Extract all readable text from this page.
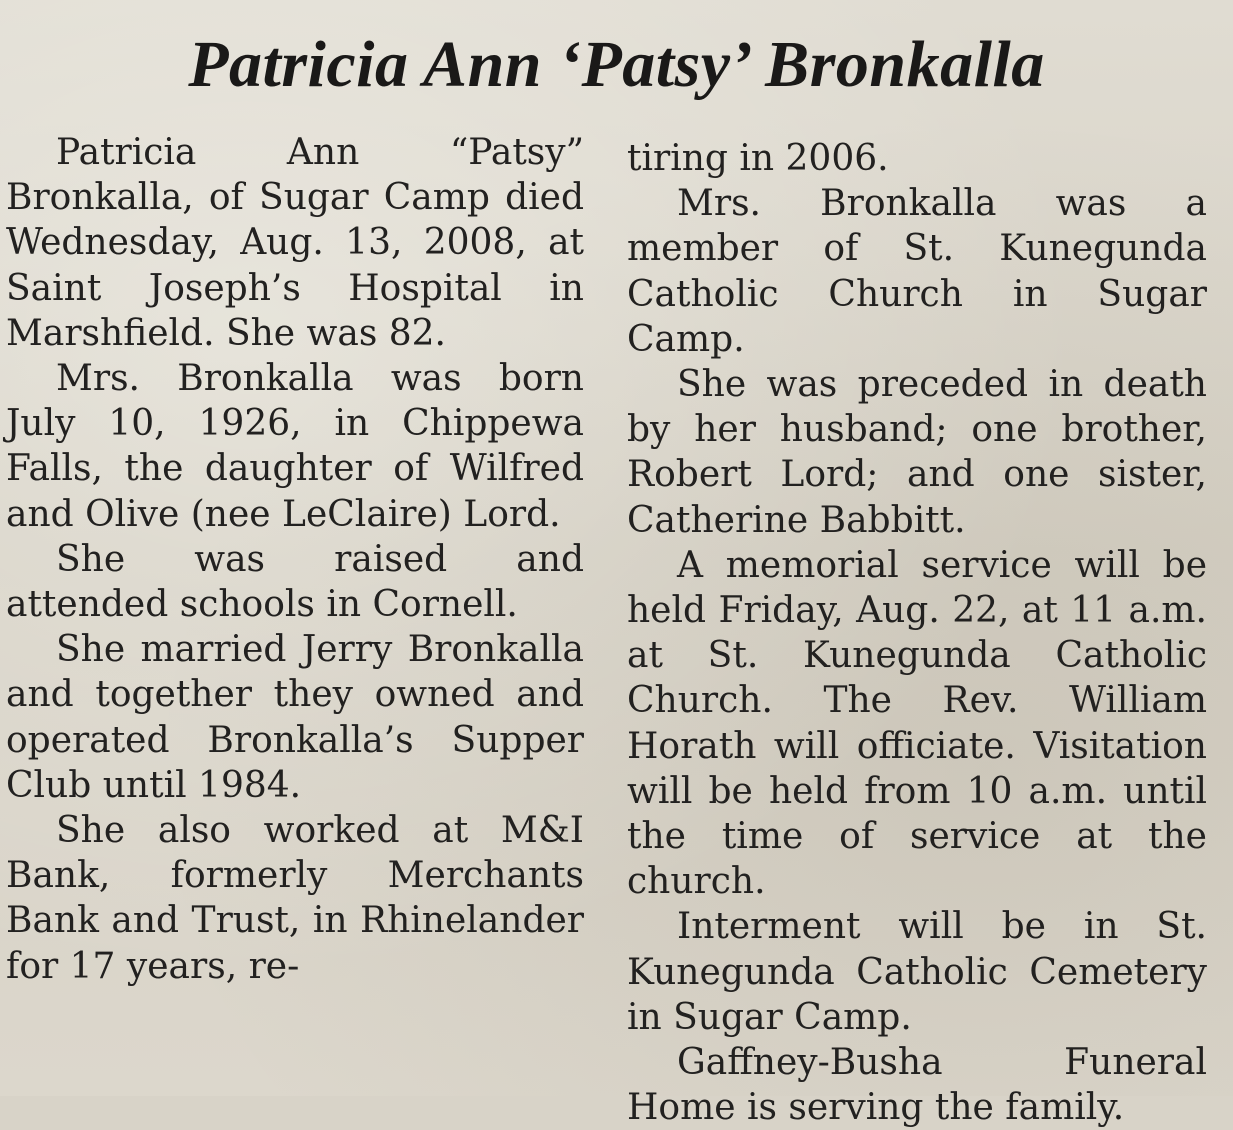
Patricia Ann ‘Patsy’ Bronkalla

Patricia Ann “Patsy” Bronkalla, of Sugar Camp died Wednesday, Aug. 13, 2008, at Saint Joseph’s Hospital in Marshfield. She was 82.

Mrs. Bronkalla was born July 10, 1926, in Chippewa Falls, the daughter of Wilfred and Olive (nee LeClaire) Lord.

She was raised and attended schools in Cornell.

She married Jerry Bronkalla and together they owned and operated Bronkalla’s Supper Club until 1984.

She also worked at M&I Bank, formerly Merchants Bank and Trust, in Rhinelander for 17 years, re-

tiring in 2006.

Mrs. Bronkalla was a member of St. Kunegunda Catholic Church in Sugar Camp.

She was preceded in death by her husband; one brother, Robert Lord; and one sister, Catherine Babbitt.

A memorial service will be held Friday, Aug. 22, at 11 a.m. at St. Kunegunda Catholic Church. The Rev. William Horath will officiate. Visitation will be held from 10 a.m. until the time of service at the church.

Interment will be in St. Kunegunda Catholic Cemetery in Sugar Camp.

Gaffney-Busha Funeral Home is serving the family.
